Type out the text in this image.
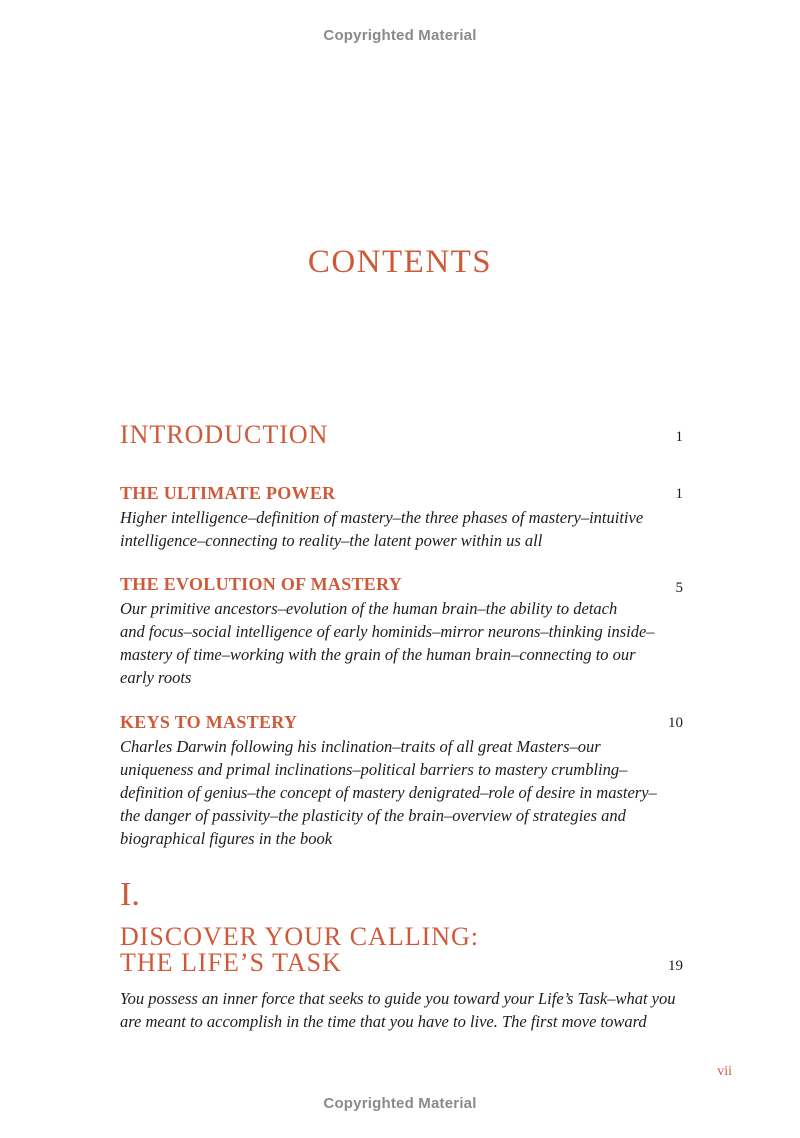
Copyrighted Material
CONTENTS
INTRODUCTION	1
THE ULTIMATE POWER	1
Higher intelligence–definition of mastery–the three phases of mastery–intuitive
intelligence–connecting to reality–the latent power within us all
THE EVOLUTION OF MASTERY	5
Our primitive ancestors–evolution of the human brain–the ability to detach
and focus–social intelligence of early hominids–mirror neurons–thinking inside–
mastery of time–working with the grain of the human brain–connecting to our
early roots
KEYS TO MASTERY	10
Charles Darwin following his inclination–traits of all great Masters–our
uniqueness and primal inclinations–political barriers to mastery crumbling–
definition of genius–the concept of mastery denigrated–role of desire in mastery–
the danger of passivity–the plasticity of the brain–overview of strategies and
biographical figures in the book
I.
DISCOVER YOUR CALLING:
THE LIFE’S TASK	19
You possess an inner force that seeks to guide you toward your Life’s Task–what you
are meant to accomplish in the time that you have to live. The first move toward
vii
Copyrighted Material
